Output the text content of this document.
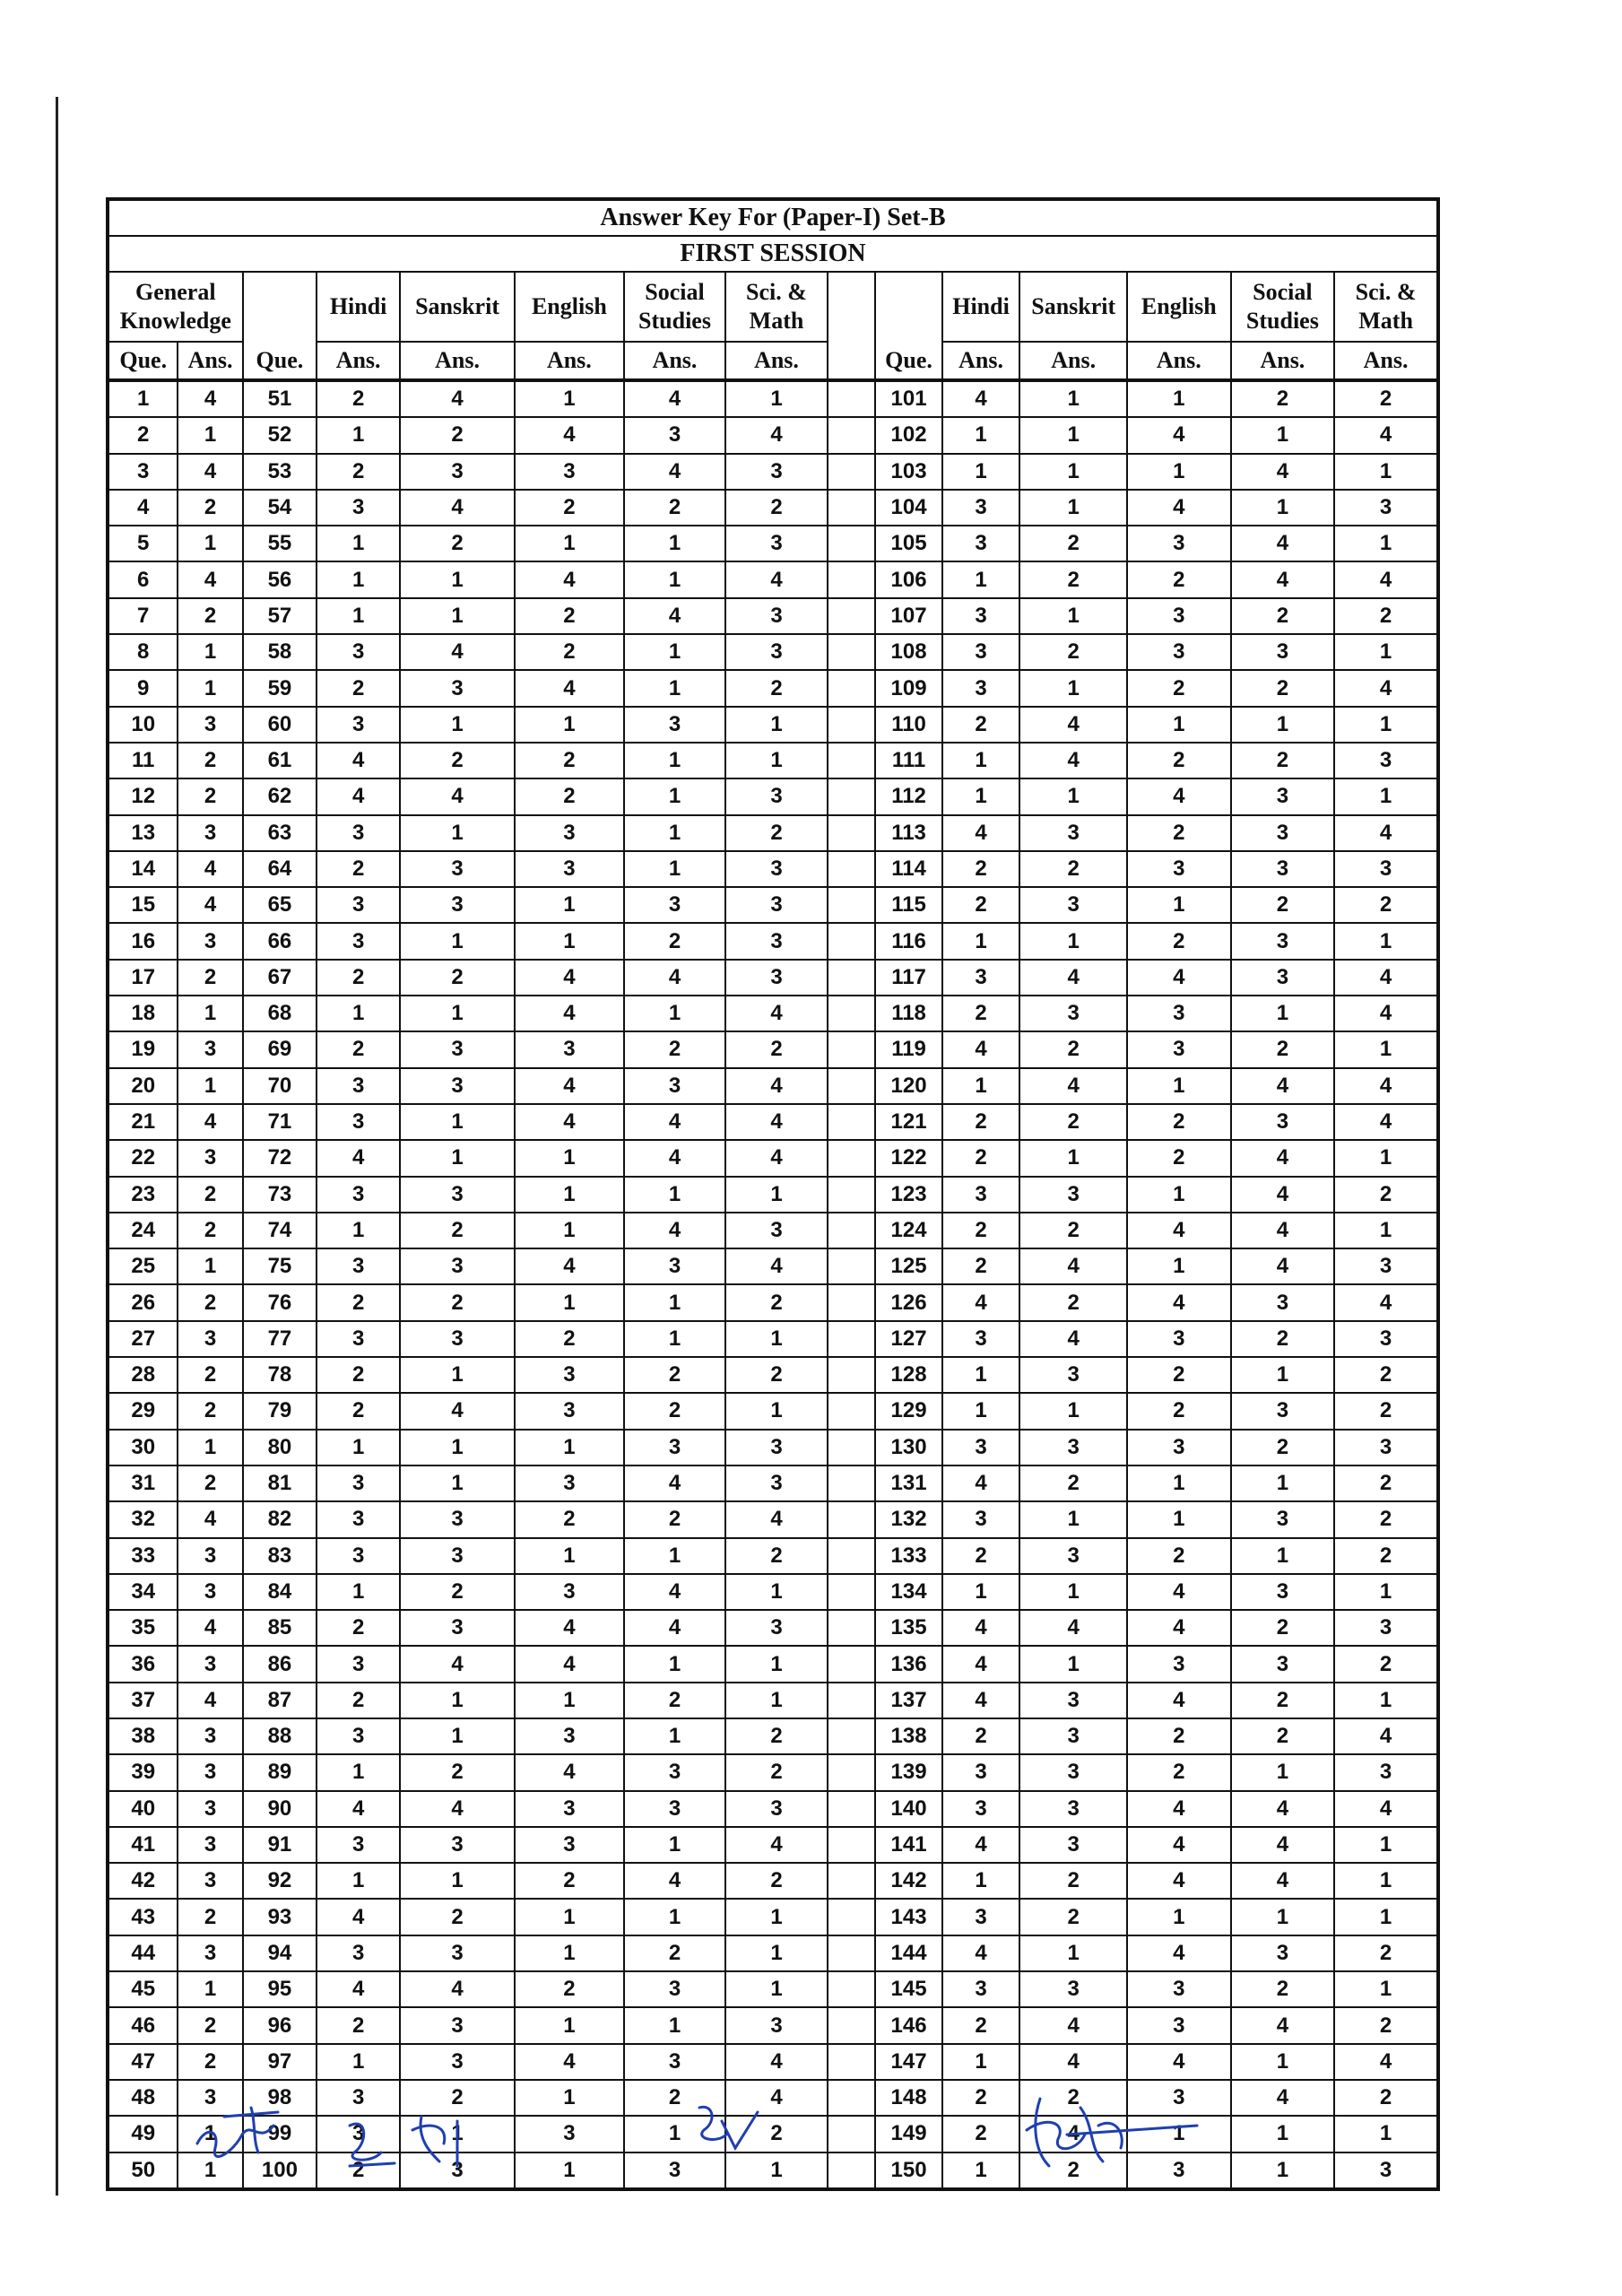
Answer Key For (Paper-I) Set-B														
FIRST SESSION														
General Knowledge		Que.	Hindi	Sanskrit	English	Social Studies	Sci. & Math		Que.	Hindi	Sanskrit	English	Social Studies	Sci. & Math
Que.	Ans.		Ans.	Ans.	Ans.	Ans.	Ans.			Ans.	Ans.	Ans.	Ans.	Ans.
1	4	51	2	4	1	4	1		101	4	1	1	2	2
2	1	52	1	2	4	3	4		102	1	1	4	1	4
3	4	53	2	3	3	4	3		103	1	1	1	4	1
4	2	54	3	4	2	2	2		104	3	1	4	1	3
5	1	55	1	2	1	1	3		105	3	2	3	4	1
6	4	56	1	1	4	1	4		106	1	2	2	4	4
7	2	57	1	1	2	4	3		107	3	1	3	2	2
8	1	58	3	4	2	1	3		108	3	2	3	3	1
9	1	59	2	3	4	1	2		109	3	1	2	2	4
10	3	60	3	1	1	3	1		110	2	4	1	1	1
11	2	61	4	2	2	1	1		111	1	4	2	2	3
12	2	62	4	4	2	1	3		112	1	1	4	3	1
13	3	63	3	1	3	1	2		113	4	3	2	3	4
14	4	64	2	3	3	1	3		114	2	2	3	3	3
15	4	65	3	3	1	3	3		115	2	3	1	2	2
16	3	66	3	1	1	2	3		116	1	1	2	3	1
17	2	67	2	2	4	4	3		117	3	4	4	3	4
18	1	68	1	1	4	1	4		118	2	3	3	1	4
19	3	69	2	3	3	2	2		119	4	2	3	2	1
20	1	70	3	3	4	3	4		120	1	4	1	4	4
21	4	71	3	1	4	4	4		121	2	2	2	3	4
22	3	72	4	1	1	4	4		122	2	1	2	4	1
23	2	73	3	3	1	1	1		123	3	3	1	4	2
24	2	74	1	2	1	4	3		124	2	2	4	4	1
25	1	75	3	3	4	3	4		125	2	4	1	4	3
26	2	76	2	2	1	1	2		126	4	2	4	3	4
27	3	77	3	3	2	1	1		127	3	4	3	2	3
28	2	78	2	1	3	2	2		128	1	3	2	1	2
29	2	79	2	4	3	2	1		129	1	1	2	3	2
30	1	80	1	1	1	3	3		130	3	3	3	2	3
31	2	81	3	1	3	4	3		131	4	2	1	1	2
32	4	82	3	3	2	2	4		132	3	1	1	3	2
33	3	83	3	3	1	1	2		133	2	3	2	1	2
34	3	84	1	2	3	4	1		134	1	1	4	3	1
35	4	85	2	3	4	4	3		135	4	4	4	2	3
36	3	86	3	4	4	1	1		136	4	1	3	3	2
37	4	87	2	1	1	2	1		137	4	3	4	2	1
38	3	88	3	1	3	1	2		138	2	3	2	2	4
39	3	89	1	2	4	3	2		139	3	3	2	1	3
40	3	90	4	4	3	3	3		140	3	3	4	4	4
41	3	91	3	3	3	1	4		141	4	3	4	4	1
42	3	92	1	1	2	4	2		142	1	2	4	4	1
43	2	93	4	2	1	1	1		143	3	2	1	1	1
44	3	94	3	3	1	2	1		144	4	1	4	3	2
45	1	95	4	4	2	3	1		145	3	3	3	2	1
46	2	96	2	3	1	1	3		146	2	4	3	4	2
47	2	97	1	3	4	3	4		147	1	4	4	1	4
48	3	98	3	2	1	2	4		148	2	2	3	4	2
49	1	99	3	1	3	1	2		149	2	4	1	1	1
50	1	100	2	3	1	3	1		150	1	2	3	1	3
